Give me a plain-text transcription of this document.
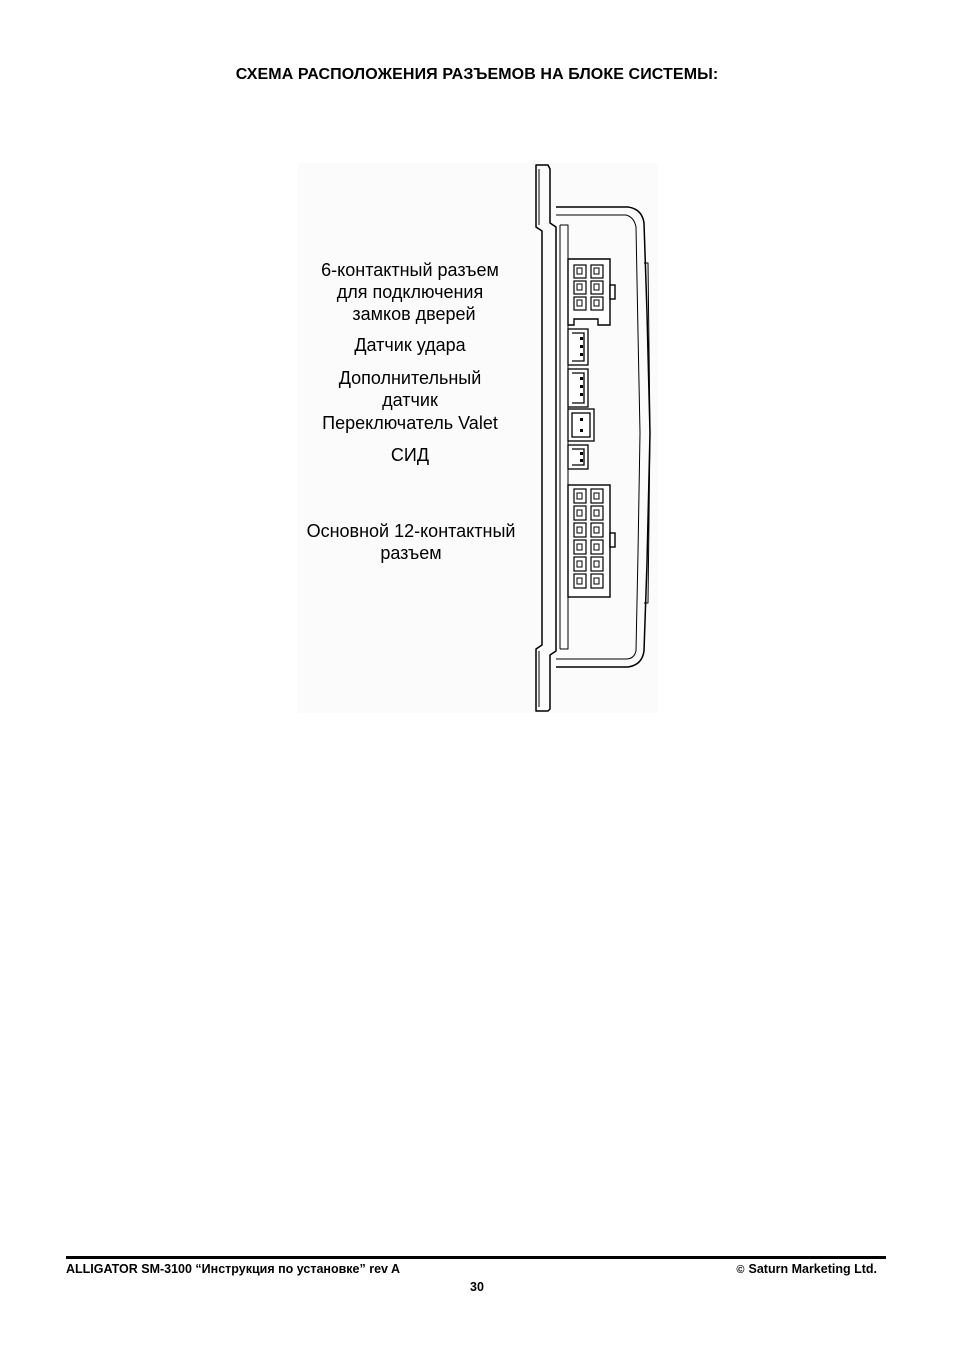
СХЕМА РАСПОЛОЖЕНИЯ РАЗЪЕМОВ НА БЛОКЕ СИСТЕМЫ:
6-контактный разъем
для подключения
замков дверей
Датчик удара
Дополнительный
датчик
Переключатель Valet
СИД
Основной 12-контактный
разъем
ALLIGATOR SM-3100 “Инструкция по установке” rev A	© Saturn Marketing Ltd.
30
